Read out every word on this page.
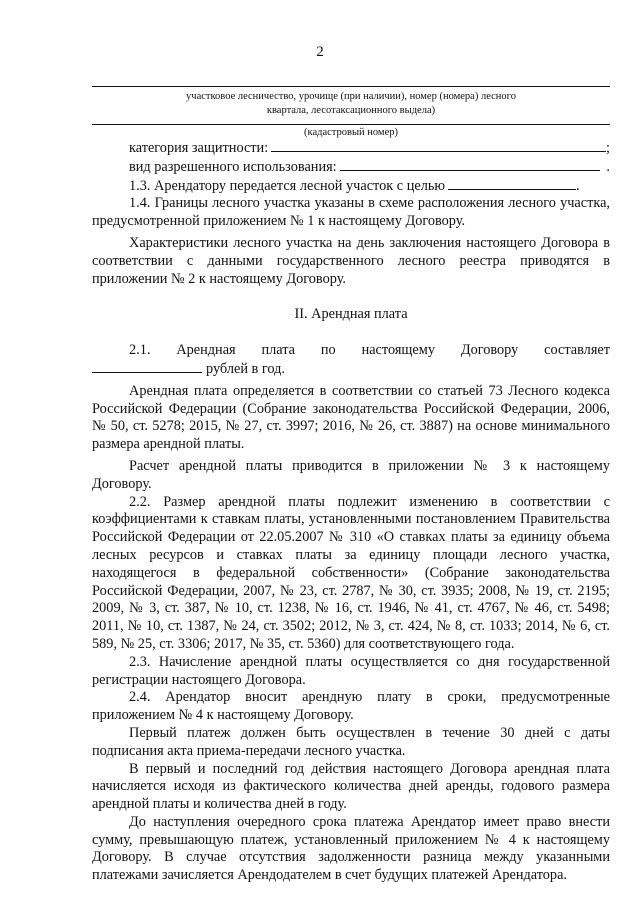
2
участковое лесничество, урочище (при наличии), номер (номера) лесного
квартала, лесотаксационного выдела)
(кадастровый номер)
категория защитности:	;
вид разрешенного использования:	.
1.3. Арендатору передается лесной участок с целью	.

1.4. Границы лесного участка указаны в схеме расположения лесного участка, предусмотренной приложением № 1 к настоящему Договору.

Характеристики лесного участка на день заключения настоящего Договора в соответствии с данными государственного лесного реестра приводятся в приложении № 2 к настоящему Договору.

II. Арендная плата
2.1. Арендная плата по настоящему Договору составляет
рублей в год.

Арендная плата определяется в соответствии со статьей 73 Лесного кодекса Российской Федерации (Собрание законодательства Российской Федерации, 2006, № 50, ст. 5278; 2015, № 27, ст. 3997; 2016, № 26, ст. 3887) на основе минимального размера арендной платы.

Расчет арендной платы приводится в приложении № 3 к настоящему Договору.

2.2. Размер арендной платы подлежит изменению в соответствии с коэффициентами к ставкам платы, установленными постановлением Правительства Российской Федерации от 22.05.2007 № 310 «О ставках платы за единицу объема лесных ресурсов и ставках платы за единицу площади лесного участка, находящегося в федеральной собственности» (Собрание законодательства Российской Федерации, 2007, № 23, ст. 2787, № 30, ст. 3935; 2008, № 19, ст. 2195; 2009, № 3, ст. 387, № 10, ст. 1238, № 16, ст. 1946, № 41, ст. 4767, № 46, ст. 5498; 2011, № 10, ст. 1387, № 24, ст. 3502; 2012, № 3, ст. 424, № 8, ст. 1033; 2014, № 6, ст. 589, № 25, ст. 3306; 2017, № 35, ст. 5360) для соответствующего года.

2.3. Начисление арендной платы осуществляется со дня государственной регистрации настоящего Договора.

2.4. Арендатор вносит арендную плату в сроки, предусмотренные приложением № 4 к настоящему Договору.

Первый платеж должен быть осуществлен в течение 30 дней с даты подписания акта приема-передачи лесного участка.

В первый и последний год действия настоящего Договора арендная плата начисляется исходя из фактического количества дней аренды, годового размера арендной платы и количества дней в году.

До наступления очередного срока платежа Арендатор имеет право внести сумму, превышающую платеж, установленный приложением № 4 к настоящему Договору. В случае отсутствия задолженности разница между указанными платежами зачисляется Арендодателем в счет будущих платежей Арендатора.
